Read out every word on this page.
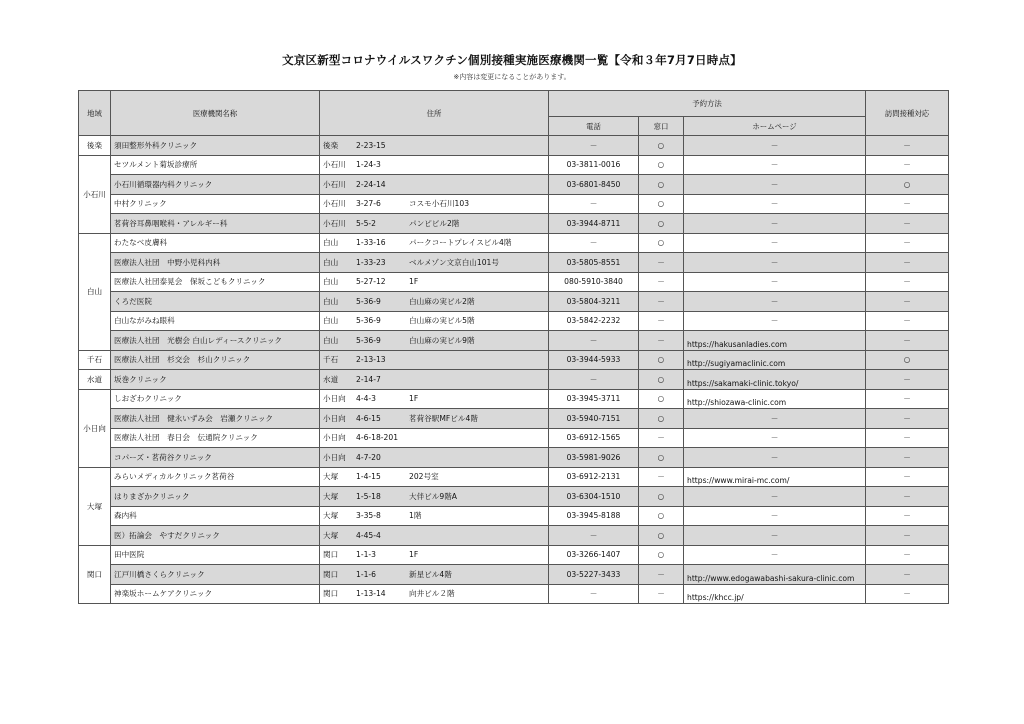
文京区新型コロナウイルスワクチン個別接種実施医療機関一覧【令和３年7月7日時点】
※内容は変更になることがあります。
地域	医療機関名称	住所	予約方法			訪問接種対応
			電話	窓口	ホームページ	
後楽	須田整形外科クリニック	後楽 2-23-15	－	○	－	－
小石川	セツルメント菊坂診療所	小石川 1-24-3	03-3811-0016	○	－	－
	小石川循環器内科クリニック	小石川 2-24-14	03-6801-8450	○	－	○
	中村クリニック	小石川 3-27-6 コスモ小石川103	－	○	－	－
	茗荷谷耳鼻咽喉科・アレルギー科	小石川 5-5-2 パンピビル2階	03-3944-8711	○	－	－
白山	わたなべ皮膚科	白山 1-33-16 パークコートプレイスビル4階	－	○	－	－
	医療法人社団　中野小児科内科	白山 1-33-23 ベルメゾン文京白山101号	03-5805-8551	－	－	－
	医療法人社団泰晃会　保坂こどもクリニック	白山 5-27-12 1F	080-5910-3840	－	－	－
	くろだ医院	白山 5-36-9 白山麻の実ビル2階	03-5804-3211	－	－	－
	白山ながみね眼科	白山 5-36-9 白山麻の実ビル5階	03-5842-2232	－	－	－
	医療法人社団　光樹会 白山レディースクリニック	白山 5-36-9 白山麻の実ビル9階	－	－	https://hakusanladies.com	－
千石	医療法人社団　杉交会　杉山クリニック	千石 2-13-13	03-3944-5933	○	http://sugiyamaclinic.com	○
水道	坂巻クリニック	水道 2-14-7	－	○	https://sakamaki-clinic.tokyo/	－
小日向	しおざわクリニック	小日向 4-4-3 1F	03-3945-3711	○	http://shiozawa-clinic.com	－
	医療法人社団　健永いずみ会　岩瀬クリニック	小日向 4-6-15 茗荷谷駅MFビル4階	03-5940-7151	○	－	－
	医療法人社団　春日会　伝通院クリニック	小日向 4-6-18-201	03-6912-1565	－	－	－
	コパーズ・茗荷谷クリニック	小日向 4-7-20	03-5981-9026	○	－	－
大塚	みらいメディカルクリニック茗荷谷	大塚 1-4-15 202号室	03-6912-2131	－	https://www.mirai-mc.com/	－
	はりまざかクリニック	大塚 1-5-18 大伴ビル9階A	03-6304-1510	○	－	－
	森内科	大塚 3-35-8 1階	03-3945-8188	○	－	－
	医）拓論会　やすだクリニック	大塚 4-45-4	－	○	－	－
関口	田中医院	関口 1-1-3 1F	03-3266-1407	○	－	－
	江戸川橋さくらクリニック	関口 1-1-6 新星ビル4階	03-5227-3433	－	http://www.edogawabashi-sakura-clinic.com	－
	神楽坂ホームケアクリニック	関口 1-13-14 向井ビル２階	－	－	https://khcc.jp/	－
